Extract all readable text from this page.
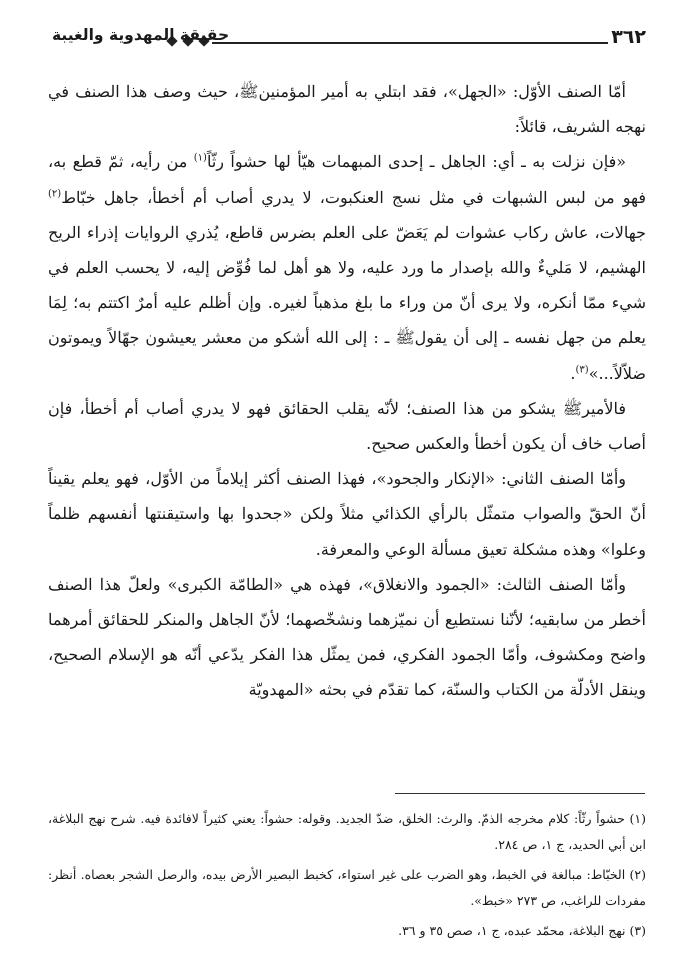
٣٦٢
حقيقة المهدوية والغيبة

أمّا الصنف الأوّل: «الجهل»، فقد ابتلي به أمير المؤمنينﷺ، حيث وصف هذا الصنف في نهجه الشريف، قائلاً:

«فإن نزلت به ـ أي: الجاهل ـ إحدى المبهمات هيّأ لها حشواً رثّاً$^{(١)}$ من رأيه، ثمّ قطع به، فهو من لبس الشبهات في مثل نسج العنكبوت، لا يدري أصاب أم أخطأ، جاهل خبّاط$^{(٢)}$ جهالات، عاش ركاب عشوات لم يَعَضّ على العلم بضرس قاطع، يُذري الروايات إذراء الريح الهشيم، لا مَليءٌ والله بإصدار ما ورد عليه، ولا هو أهل لما فُوِّض إليه، لا يحسب العلم في شيء ممّا أنكره، ولا يرى أنّ من وراء ما بلغ مذهباً لغيره. وإن أظلم عليه أمرٌ اكتتم به؛ لِمَا يعلم من جهل نفسه ـ إلى أن يقولﷺ ـ : إلى الله أشكو من معشر يعيشون جهّالاً ويموتون ضلاّلاً...»$^{(٣)}$.

فالأميرﷺ يشكو من هذا الصنف؛ لأنّه يقلب الحقائق فهو لا يدري أصاب أم أخطأ، فإن أصاب خاف أن يكون أخطأ والعكس صحيح.

وأمّا الصنف الثاني: «الإنكار والجحود»، فهذا الصنف أكثر إيلاماً من الأوّل، فهو يعلم يقيناً أنّ الحقّ والصواب متمثّل بالرأي الكذائي مثلاً ولكن «جحدوا بها واستيقنتها أنفسهم ظلماً وعلوا» وهذه مشكلة تعيق مسألة الوعي والمعرفة.

وأمّا الصنف الثالث: «الجمود والانغلاق»، فهذه هي «الطامّة الكبرى» ولعلّ هذا الصنف أخطر من سابقيه؛ لأنّنا نستطيع أن نميّزهما ونشخّصهما؛ لأنّ الجاهل والمنكر للحقائق أمرهما واضح ومكشوف، وأمّا الجمود الفكري، فمن يمثّل هذا الفكر يدّعي أنّه هو الإسلام الصحيح، وينقل الأدلّة من الكتاب والسنّة، كما تقدّم في بحثه «المهدويّة

(١) حشواً رثّاً: كلام مخرجه الذمّ. والرث: الخلق، ضدّ الجديد. وقوله: حشواً: يعني كثيراً لافائدة فيه. شرح نهج البلاغة، ابن أبي الحديد، ج ١، ص ٢٨٤.

(٢) الخبّاط: مبالغة في الخبط، وهو الضرب على غير استواء، كخبط البصير الأرض بيده، والرصل الشجر بعصاه. أنظر: مفردات للراغب، ص ٢٧٣ «خبط».

(٣) نهج البلاغة، محمّد عبده، ج ١، صص ٣٥ و ٣٦.
